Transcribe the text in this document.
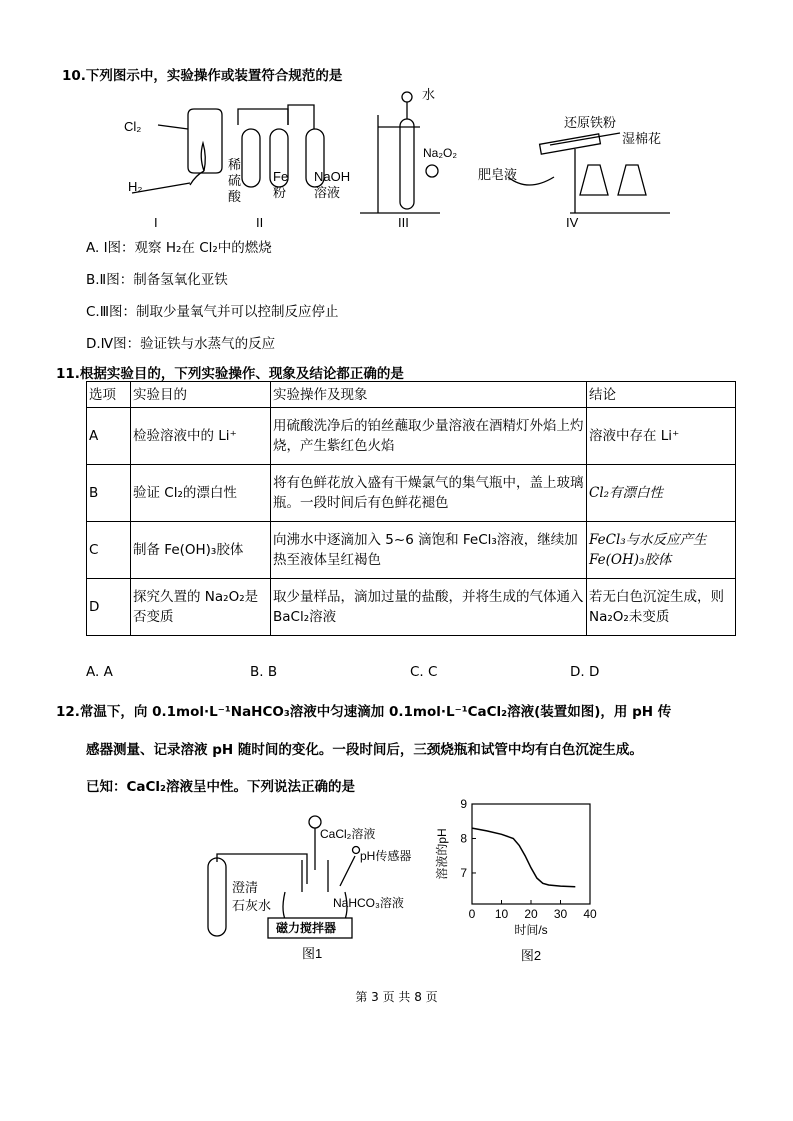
10.下列图示中，实验操作或装置符合规范的是
Cl₂
H₂
I
稀硫酸
Fe 粉
NaOH 溶液
II
水
Na₂O₂
III
还原铁粉
湿棉花
肥皂液
IV
A. Ⅰ图：观察 H₂在 Cl₂中的燃烧
B.Ⅱ图：制备氢氧化亚铁
C.Ⅲ图：制取少量氧气并可以控制反应停止
D.Ⅳ图：验证铁与水蒸气的反应
11.根据实验目的，下列实验操作、现象及结论都正确的是
选项	实验目的	实验操作及现象	结论
A	检验溶液中的 Li⁺	用硫酸洗净后的铂丝蘸取少量溶液在酒精灯外焰上灼烧，产生紫红色火焰	溶液中存在 Li⁺
B	验证 Cl₂的漂白性	将有色鲜花放入盛有干燥氯气的集气瓶中，盖上玻璃瓶。一段时间后有色鲜花褪色	Cl₂有漂白性
C	制备 Fe(OH)₃胶体	向沸水中逐滴加入 5~6 滴饱和 FeCl₃溶液，继续加热至液体呈红褐色	FeCl₃与水反应产生Fe(OH)₃胶体
D	探究久置的 Na₂O₂是否变质	取少量样品，滴加过量的盐酸，并将生成的气体通入 BaCl₂溶液	若无白色沉淀生成，则 Na₂O₂未变质
A. A	B. B	C. C	D. D
12.常温下，向 0.1mol·L⁻¹NaHCO₃溶液中匀速滴加 0.1mol·L⁻¹CaCl₂溶液(装置如图)，用 pH 传
感器测量、记录溶液 pH 随时间的变化。一段时间后，三颈烧瓶和试管中均有白色沉淀生成。
已知：CaCl₂溶液呈中性。下列说法正确的是
CaCl₂溶液
pH传感器
澄清
石灰水	NaHCO₃溶液
磁力搅拌器
图1
0 10 20 30 40
9
8
7
溶液的pH
时间/s
图2
第 3 页 共 8 页
